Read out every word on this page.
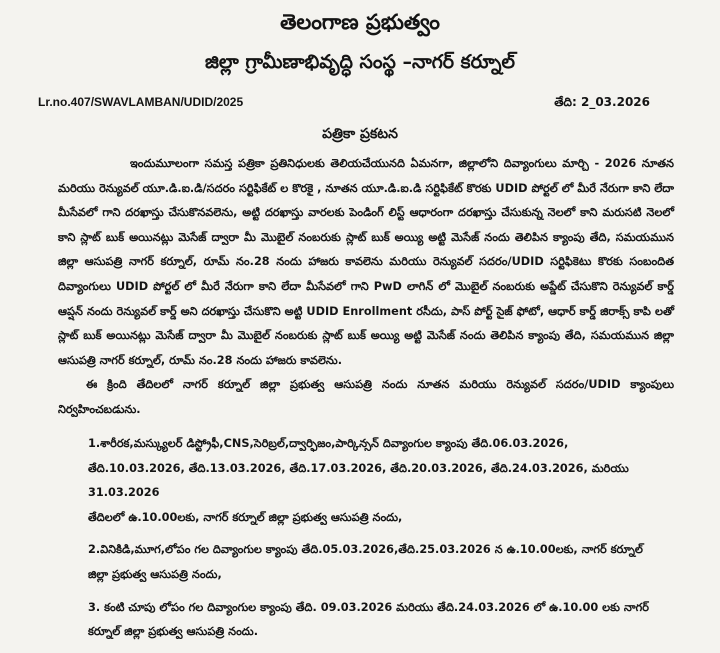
తెలంగాణ ప్రభుత్వం
జిల్లా గ్రామీణాభివృద్ధి సంస్థ –నాగర్ కర్నూల్
Lr.no.407/SWAVLAMBAN/UDID/2025	తేది: 2_03.2026
పత్రికా ప్రకటన

ఇందుమూలంగా సమస్త పత్రికా ప్రతినిధులకు తెలియచేయునది ఏమనగా, జిల్లాలోని దివ్యాంగులు మార్చి - 2026 నూతన మరియు రెన్యువల్ యూ.డి.ఐ.డి/సదరం సర్టిఫికేట్ ల కొరకై , నూతన యూ.డి.ఐ.డి సర్టిఫికేట్ కొరకు UDID పోర్టల్ లో మీరే నేరుగా కాని లేదా మీసేవలో గాని దరఖాస్తు చేసుకొనవలెను, అట్టి దరఖాస్తు వారలకు పెండింగ్ లిస్ట్ ఆధారంగా దరఖాస్తు చేసుకున్న నెలలో కాని మరుసటి నెలలో కాని స్లాట్ బుక్ అయినట్లు మెసేజ్ ద్వారా మీ మొబైల్ నంబరుకు స్లాట్ బుక్ అయ్యి అట్టి మెసేజ్ నందు తెలిపిన క్యాంపు తేది, సమయమున జిల్లా ఆసుపత్రి నాగర్ కర్నూల్, రూమ్ నం.28 నందు హాజరు కావలెను మరియు రెన్యువల్ సదరం/UDID సర్టిఫికెటు కొరకు సంబందిత దివ్యాంగులు UDID పోర్టల్ లో మీరే నేరుగా కాని లేదా మీసేవలో గాని PwD లాగిన్ లో మొబైల్ నంబరుకు అప్డేట్ చేసుకొని రెన్యువల్ కార్డ్ ఆప్షన్ నందు రెన్యువల్ కార్డ్ అని దరఖాస్తు చేసుకొని అట్టి UDID Enrollment రసీదు, పాస్ పోర్ట్ సైజ్ ఫోటో, ఆధార్ కార్డ్ జిరాక్స్ కాపి లతో స్లాట్ బుక్ అయినట్లు మెసేజ్ ద్వారా మీ మొబైల్ నంబరుకు స్లాట్ బుక్ అయ్యి అట్టి మెసేజ్ నందు తెలిపిన క్యాంపు తేది, సమయమున జిల్లా ఆసుపత్రి నాగర్ కర్నూల్, రూమ్ నం.28 నందు హాజరు కావలెను.

ఈ క్రింది తేదిలలో నాగర్ కర్నూల్ జిల్లా ప్రభుత్వ ఆసుపత్రి నందు నూతన మరియు రెన్యువల్ సదరం/UDID క్యాంపులు నిర్వహించబడును.

1.శారీరక,మస్క్యులర్ డిస్ట్రోఫీ,CNS,సెరిబ్రల్,ద్వార్ఫిజం,పార్కిన్సన్ దివ్యాంగుల క్యాంపు తేది.06.03.2026,
తేది.10.03.2026, తేది.13.03.2026, తేది.17.03.2026, తేది.20.03.2026, తేది.24.03.2026, మరియు 31.03.2026
తేదిలలో ఉ.10.00లకు, నాగర్ కర్నూల్ జిల్లా ప్రభుత్వ ఆసుపత్రి నందు,
2.వినికిడి,మూగ,లోపం గల దివ్యాంగుల క్యాంపు తేది.05.03.2026,తేది.25.03.2026 న ఉ.10.00లకు, నాగర్ కర్నూల్
జిల్లా ప్రభుత్వ ఆసుపత్రి నందు,
3. కంటి చూపు లోపం గల దివ్యాంగుల క్యాంపు తేది. 09.03.2026 మరియు తేది.24.03.2026 లో ఉ.10.00 లకు నాగర్
కర్నూల్ జిల్లా ప్రభుత్వ ఆసుపత్రి నందు.
